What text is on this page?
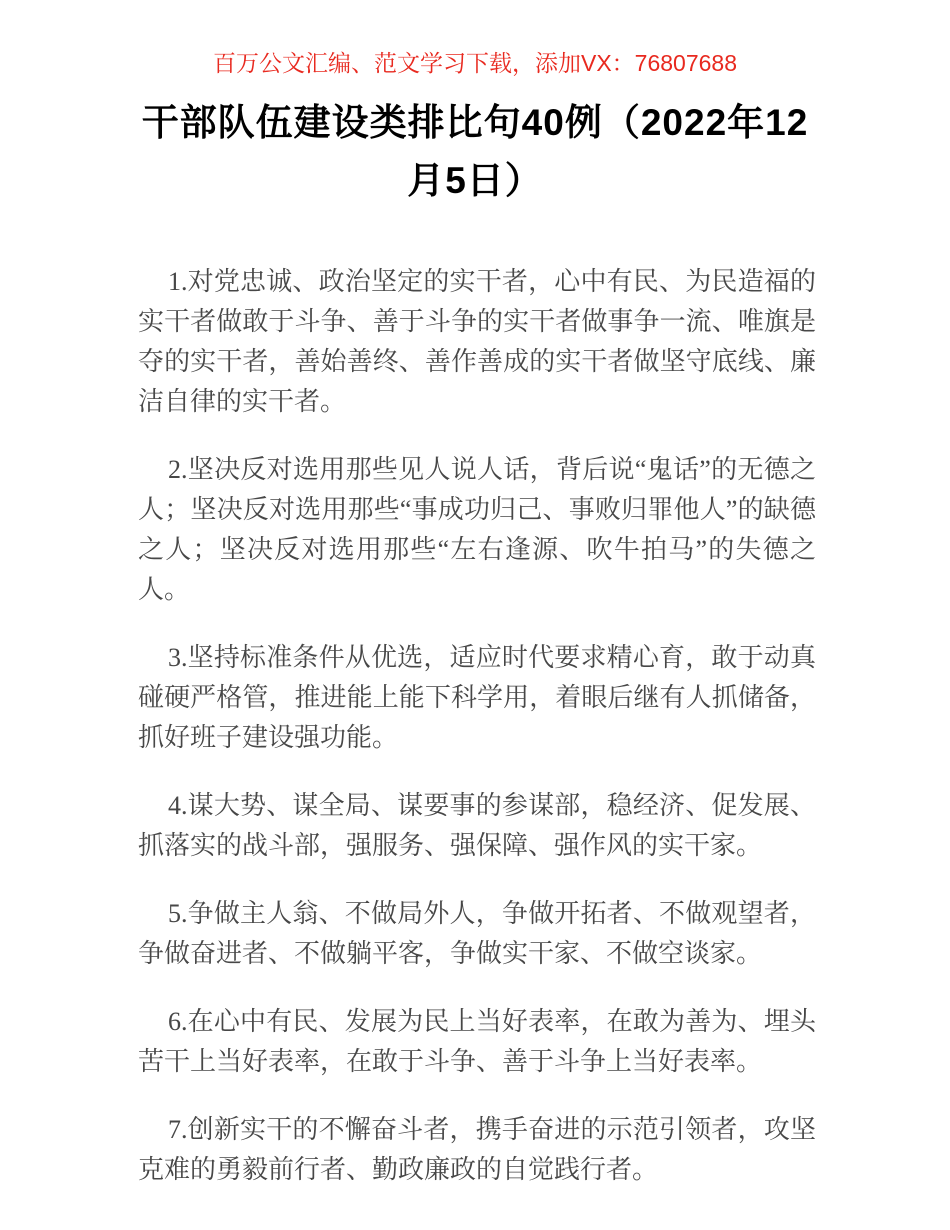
百万公文汇编、范文学习下载，添加VX：76807688
干部队伍建设类排比句40例（2022年12月5日）

1.对党忠诚、政治坚定的实干者，心中有民、为民造福的实干者做敢于斗争、善于斗争的实干者做事争一流、唯旗是夺的实干者，善始善终、善作善成的实干者做坚守底线、廉洁自律的实干者。

2.坚决反对选用那些见人说人话，背后说“鬼话”的无德之人；坚决反对选用那些“事成功归己、事败归罪他人”的缺德之人；坚决反对选用那些“左右逢源、吹牛拍马”的失德之人。

3.坚持标准条件从优选，适应时代要求精心育，敢于动真碰硬严格管，推进能上能下科学用，着眼后继有人抓储备，抓好班子建设强功能。

4.谋大势、谋全局、谋要事的参谋部，稳经济、促发展、抓落实的战斗部，强服务、强保障、强作风的实干家。

5.争做主人翁、不做局外人，争做开拓者、不做观望者，争做奋进者、不做躺平客，争做实干家、不做空谈家。

6.在心中有民、发展为民上当好表率，在敢为善为、埋头苦干上当好表率，在敢于斗争、善于斗争上当好表率。

7.创新实干的不懈奋斗者，携手奋进的示范引领者，攻坚克难的勇毅前行者、勤政廉政的自觉践行者。
